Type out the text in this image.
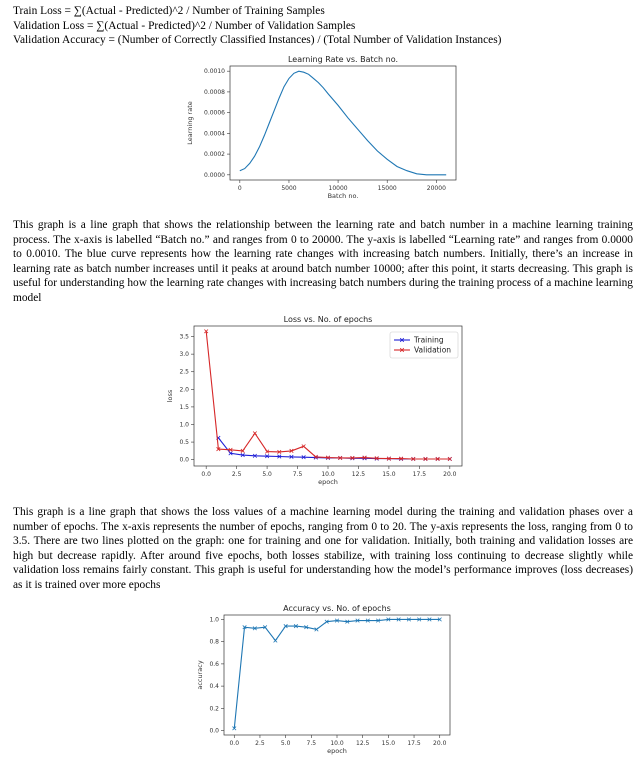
Train Loss = ∑(Actual - Predicted)^2 / Number of Training Samples
Validation Loss = ∑(Actual - Predicted)^2 / Number of Validation Samples
Validation Accuracy = (Number of Correctly Classified Instances) / (Total Number of Validation Instances)
Learning Rate vs. Batch no.
0	5000	10000	15000	20000
0.0000
0.0002
0.0004
0.0006
0.0008
0.0010
Batch no.
Learning rate

This graph is a line graph that shows the relationship between the learning rate and batch number in a machine learning training process. The x-axis is labelled “Batch no.” and ranges from 0 to 20000. The y-axis is labelled “Learning rate” and ranges from 0.0000 to 0.0010. The blue curve represents how the learning rate changes with increasing batch numbers. Initially, there’s an increase in learning rate as batch number increases until it peaks at around batch number 10000; after this point, it starts decreasing. This graph is useful for understanding how the learning rate changes with increasing batch numbers during the training process of a machine learning model

Loss vs. No. of epochs
0.0	2.5	5.0	7.5	10.0	12.5	15.0	17.5	20.0
0.0
0.5
1.0
1.5
2.0
2.5
3.0
3.5
epoch
loss
Training
Validation

This graph is a line graph that shows the loss values of a machine learning model during the training and validation phases over a number of epochs. The x-axis represents the number of epochs, ranging from 0 to 20. The y-axis represents the loss, ranging from 0 to 3.5. There are two lines plotted on the graph: one for training and one for validation. Initially, both training and validation losses are high but decrease rapidly. After around five epochs, both losses stabilize, with training loss continuing to decrease slightly while validation loss remains fairly constant. This graph is useful for understanding how the model’s performance improves (loss decreases) as it is trained over more epochs

Accuracy vs. No. of epochs
0.0	2.5	5.0	7.5 10.0 12.5 15.0 17.5 20.0
0.0
0.2
0.4
0.6
0.8
1.0
epoch
accuracy
